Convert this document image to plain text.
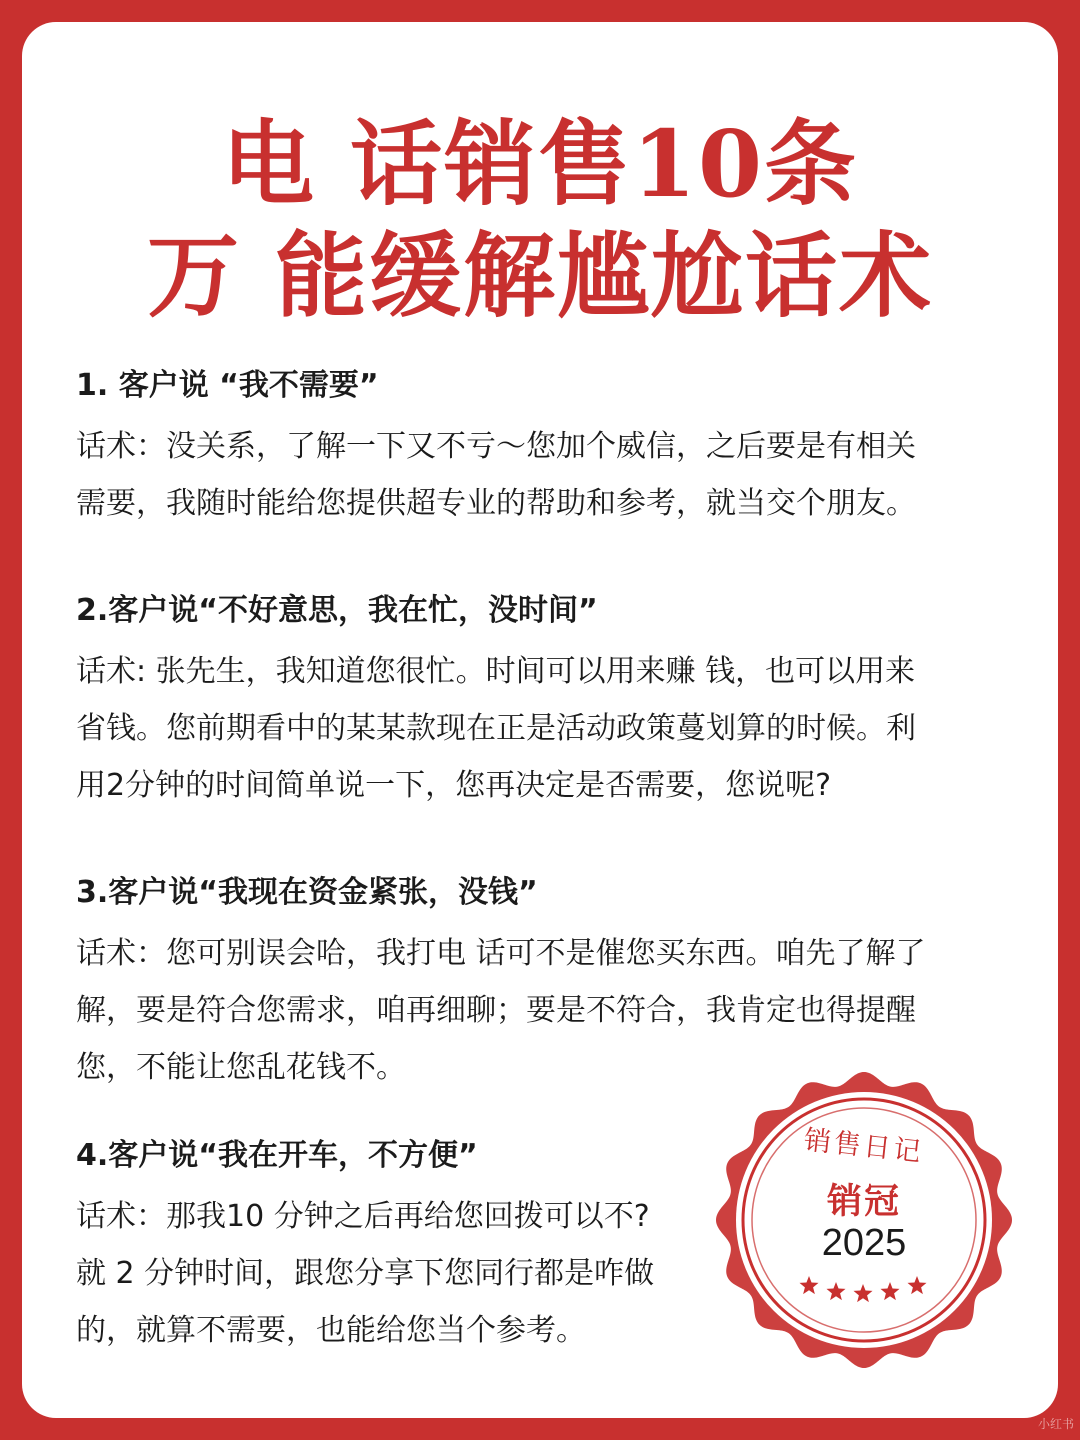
电 话销售10条
万 能缓解尴尬话术
1. 客户说 “我不需要”
话术：没关系，了解一下又不亏～您加个威信，之后要是有相关
需要，我随时能给您提供超专业的帮助和参考，就当交个朋友。
2.客户说“不好意思，我在忙，没时间”
话术: 张先生，我知道您很忙。时间可以用来赚 钱，也可以用来
省钱。您前期看中的某某款现在正是活动政策蔓划算的时候。利
用2分钟的时间简单说一下，您再决定是否需要，您说呢?
3.客户说“我现在资金紧张，没钱”
话术：您可别误会哈，我打电 话可不是催您买东西。咱先了解了
解，要是符合您需求，咱再细聊；要是不符合，我肯定也得提醒
您，不能让您乱花钱不。
4.客户说“我在开车，不方便”
话术：那我10 分钟之后再给您回拨可以不?
就 2 分钟时间，跟您分享下您同行都是咋做
的，就算不需要，也能给您当个参考。
销售日记
销冠
2025
小红书
